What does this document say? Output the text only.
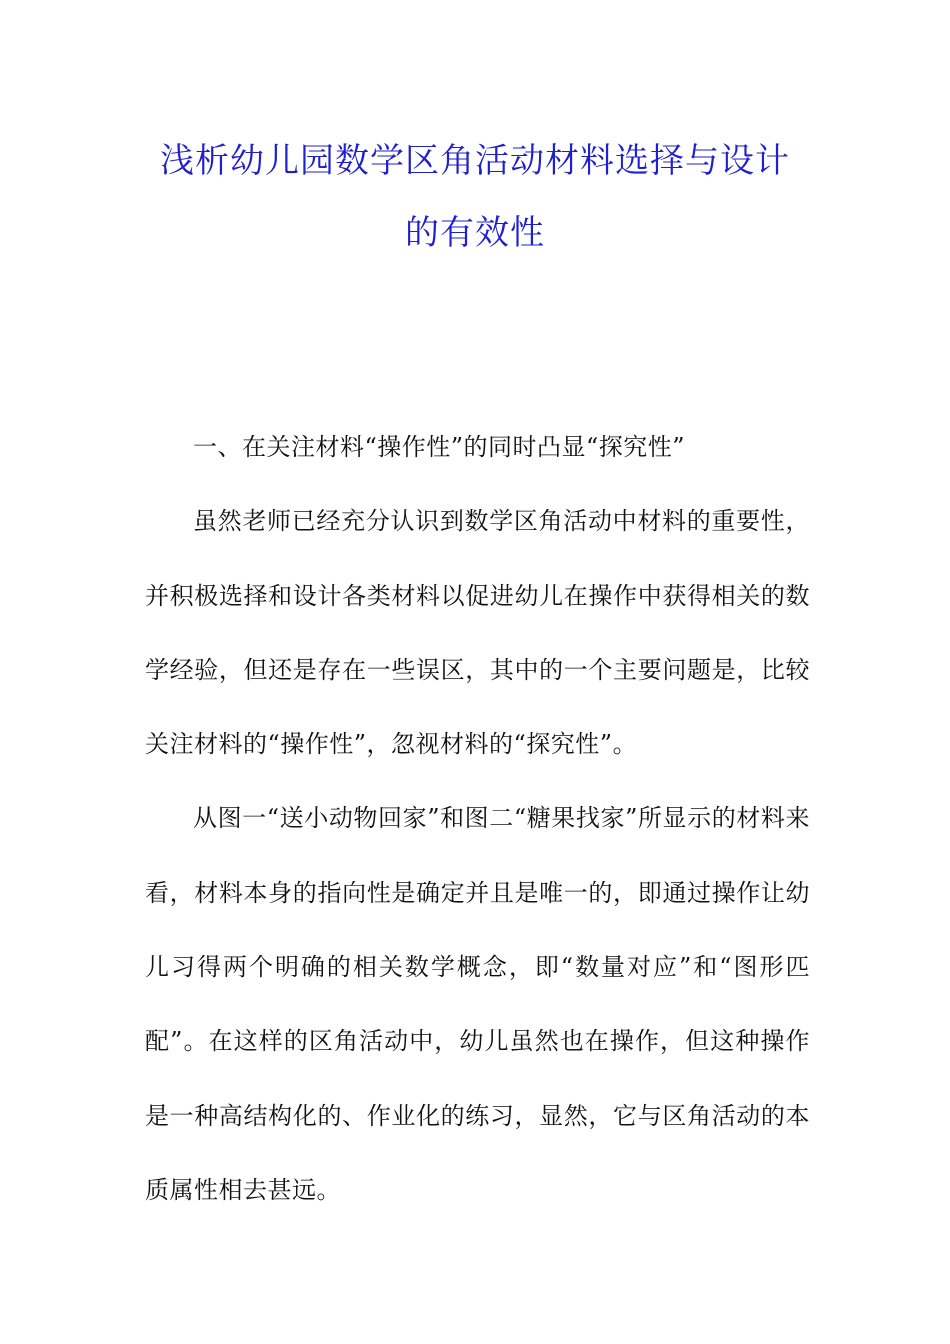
浅析幼儿园数学区角活动材料选择与设计
的有效性
一、在关注材料“操作性”的同时凸显“探究性”

虽然老师已经充分认识到数学区角活动中材料的重要性，并积极选择和设计各类材料以促进幼儿在操作中获得相关的数学经验，但还是存在一些误区，其中的一个主要问题是，比较关注材料的“操作性”，忽视材料的“探究性”。

从图一“送小动物回家”和图二“糖果找家”所显示的材料来看，材料本身的指向性是确定并且是唯一的，即通过操作让幼儿习得两个明确的相关数学概念，即“数量对应”和“图形匹配”。在这样的区角活动中，幼儿虽然也在操作，但这种操作是一种高结构化的、作业化的练习，显然，它与区角活动的本质属性相去甚远。
